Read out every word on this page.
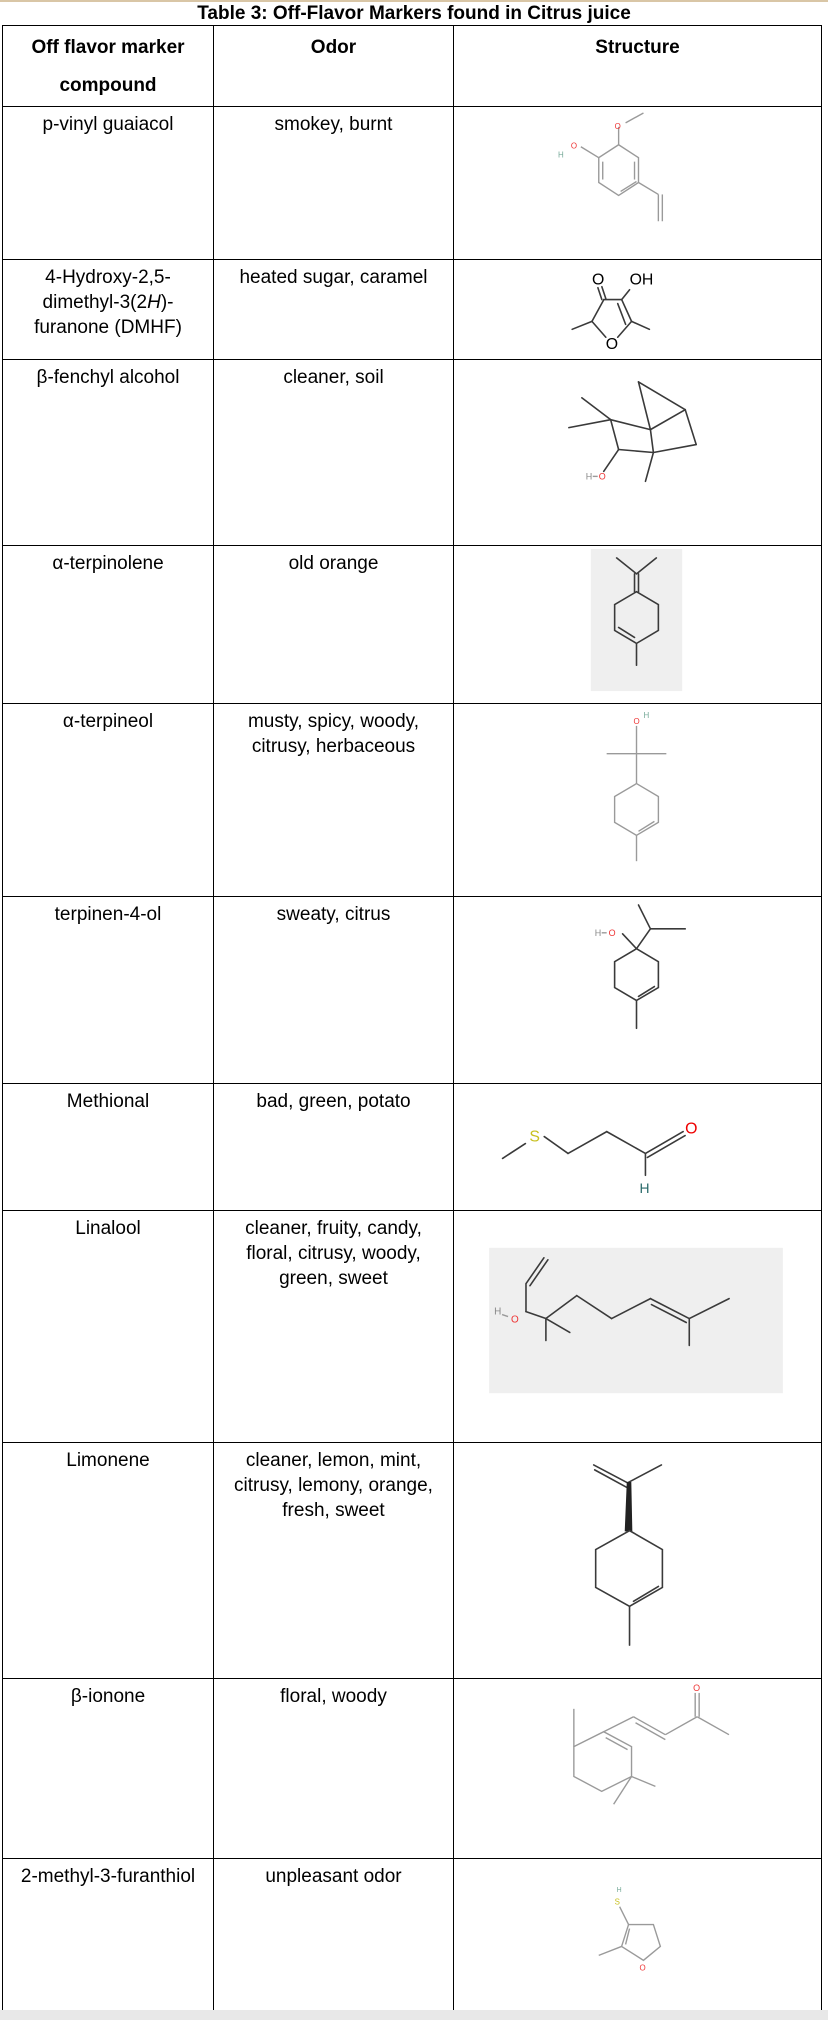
Table 3: Off-Flavor Markers found in Citrus juice
Off flavor marker compound	Odor	Structure
p-vinyl guaiacol	smokey, burnt	O
H
O

4-Hydroxy-2,5-
dimethyl-3(2H)-
furanone (DMHF)	heated sugar, caramel	O OH
O

β-fenchyl alcohol	cleaner, soil	H O

α-terpinolene	old orange	

α-terpineol	musty, spicy, woody, citrusy, herbaceous	O
H

terpinen-4-ol	sweaty, citrus	H O

Methional	bad, green, potato	S O
H

Linalool	cleaner, fruity, candy, floral, citrusy, woody, green, sweet	H
O

Limonene	cleaner, lemon, mint, citrusy, lemony, orange, fresh, sweet	

β-ionone	floral, woody	O

2-methyl-3-furanthiol	unpleasant odor	S
H
O
